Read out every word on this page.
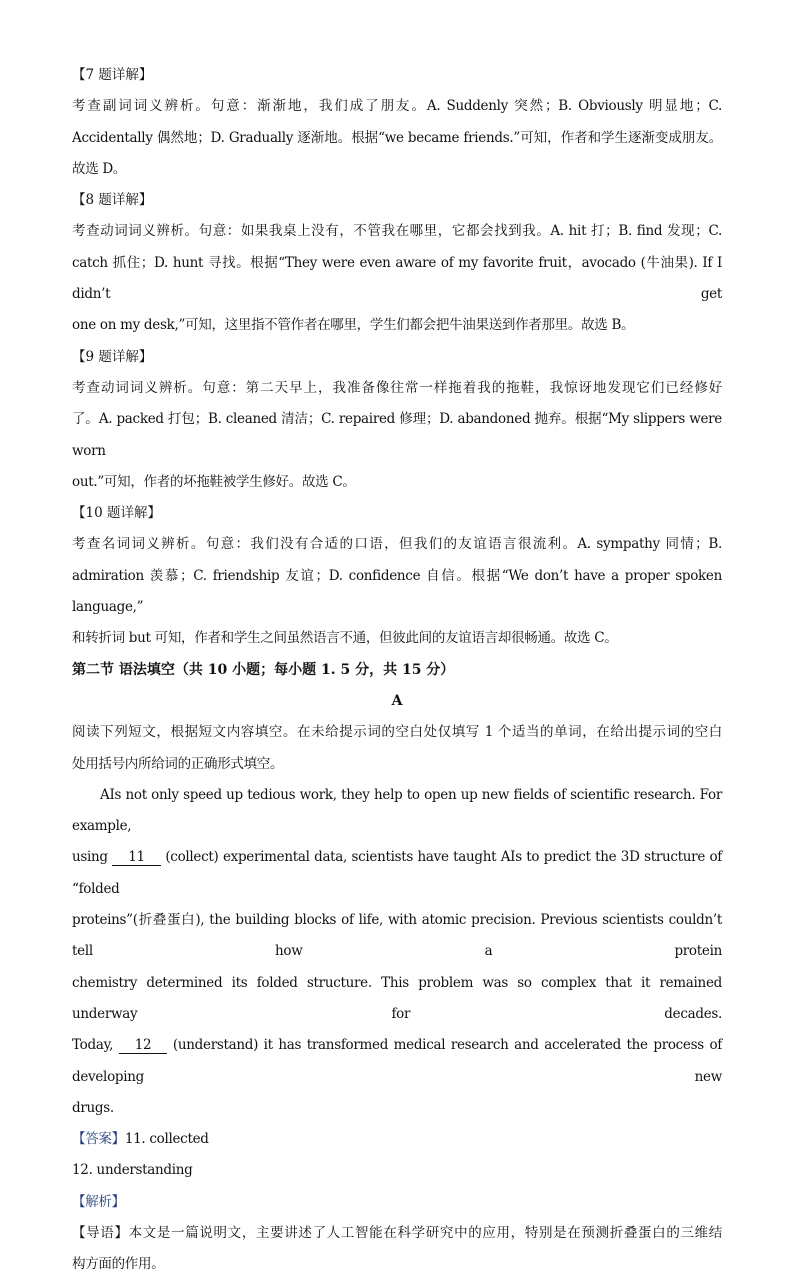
【7 题详解】
考查副词词义辨析。句意：渐渐地，我们成了朋友。A. Suddenly 突然；B. Obviously 明显地；C.
Accidentally 偶然地；D. Gradually 逐渐地。根据“we became friends.”可知，作者和学生逐渐变成朋友。
故选 D。
【8 题详解】
考查动词词义辨析。句意：如果我桌上没有，不管我在哪里，它都会找到我。A. hit 打；B. find 发现；C.
catch 抓住；D. hunt 寻找。根据“They were even aware of my favorite fruit，avocado (牛油果). If I didn’t get
one on my desk,”可知，这里指不管作者在哪里，学生们都会把牛油果送到作者那里。故选 B。
【9 题详解】
考查动词词义辨析。句意：第二天早上，我准备像往常一样拖着我的拖鞋，我惊讶地发现它们已经修好
了。A. packed 打包；B. cleaned 清洁；C. repaired 修理；D. abandoned 抛弃。根据“My slippers were worn
out.”可知，作者的坏拖鞋被学生修好。故选 C。
【10 题详解】
考查名词词义辨析。句意：我们没有合适的口语，但我们的友谊语言很流利。A. sympathy 同情；B.
admiration 羡慕；C. friendship 友谊；D. confidence 自信。根据“We don’t have a proper spoken language,”
和转折词 but 可知，作者和学生之间虽然语言不通，但彼此间的友谊语言却很畅通。故选 C。
第二节 语法填空（共 10 小题；每小题 1. 5 分，共 15 分）
A
阅读下列短文，根据短文内容填空。在未给提示词的空白处仅填写 1 个适当的单词，在给出提示词的空白
处用括号内所给词的正确形式填空。
AIs not only speed up tedious work, they help to open up new fields of scientific research. For example,
using 11 (collect) experimental data, scientists have taught AIs to predict the 3D structure of “folded
proteins”(折叠蛋白), the building blocks of life, with atomic precision. Previous scientists couldn’t tell how a protein
chemistry determined its folded structure. This problem was so complex that it remained underway for decades.
Today, 12 (understand) it has transformed medical research and accelerated the process of developing new
drugs.
【答案】11. collected
12. understanding
【解析】
【导语】本文是一篇说明文，主要讲述了人工智能在科学研究中的应用，特别是在预测折叠蛋白的三维结
构方面的作用。
